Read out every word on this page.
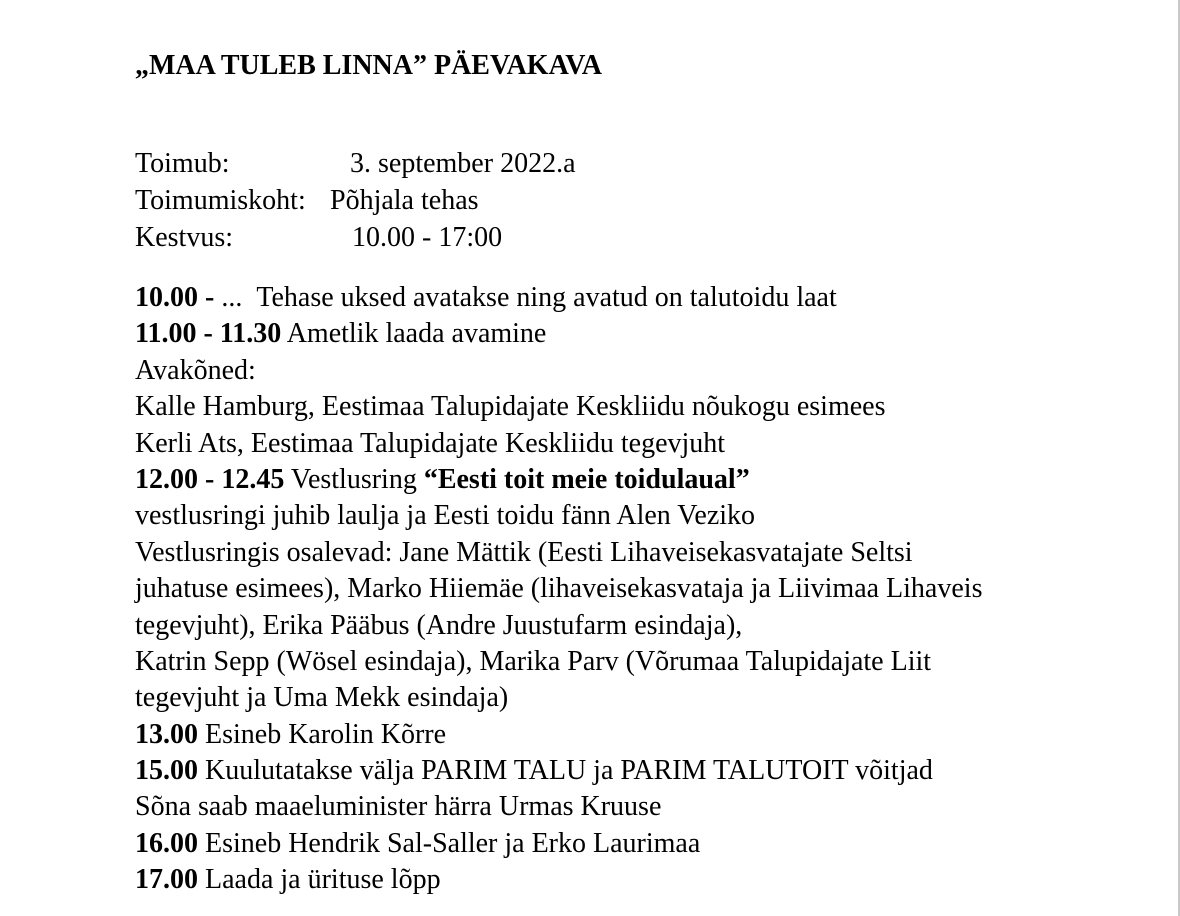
„MAA TULEB LINNA” PÄEVAKAVA
Toimub:	3. september 2022.a
Toimumiskoht: Põhjala tehas
Kestvus:	10.00 - 17:00
10.00 - ... Tehase uksed avatakse ning avatud on talutoidu laat
11.00 - 11.30 Ametlik laada avamine
Avakõned:
Kalle Hamburg, Eestimaa Talupidajate Keskliidu nõukogu esimees
Kerli Ats, Eestimaa Talupidajate Keskliidu tegevjuht
12.00 - 12.45 Vestlusring “Eesti toit meie toidulaual”
vestlusringi juhib laulja ja Eesti toidu fänn Alen Veziko
Vestlusringis osalevad: Jane Mättik (Eesti Lihaveisekasvatajate Seltsi
juhatuse esimees), Marko Hiiemäe (lihaveisekasvataja ja Liivimaa Lihaveis
tegevjuht), Erika Pääbus (Andre Juustufarm esindaja),
Katrin Sepp (Wösel esindaja), Marika Parv (Võrumaa Talupidajate Liit
tegevjuht ja Uma Mekk esindaja)
13.00 Esineb Karolin Kõrre
15.00 Kuulutatakse välja PARIM TALU ja PARIM TALUTOIT võitjad
Sõna saab maaeluminister härra Urmas Kruuse
16.00 Esineb Hendrik Sal-Saller ja Erko Laurimaa
17.00 Laada ja ürituse lõpp
